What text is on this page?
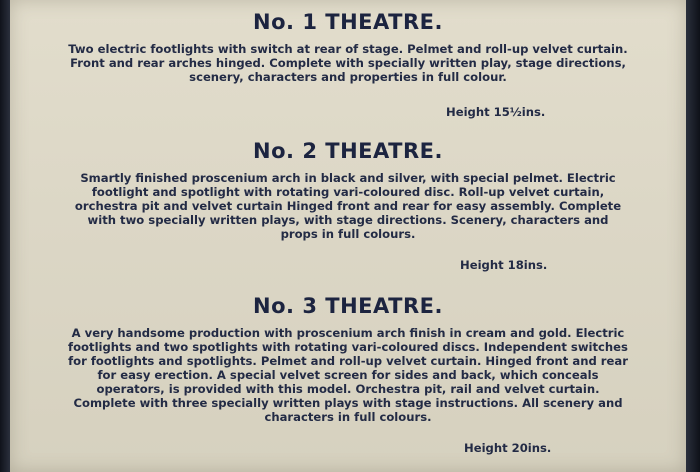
No. 1 THEATRE.

Two electric footlights with switch at rear of stage. Pelmet and roll-up velvet curtain. Front and rear arches hinged. Complete with specially written play, stage directions, scenery, characters and properties in full colour.

Height 15½ins.
No. 2 THEATRE.

Smartly finished proscenium arch in black and silver, with special pelmet. Electric footlight and spotlight with rotating vari-coloured disc. Roll-up velvet curtain, orchestra pit and velvet curtain Hinged front and rear for easy assembly. Complete with two specially written plays, with stage directions. Scenery, characters and props in full colours.

Height 18ins.
No. 3 THEATRE.

A very handsome production with proscenium arch finish in cream and gold. Electric footlights and two spotlights with rotating vari-coloured discs. Independent switches for footlights and spotlights. Pelmet and roll-up velvet curtain. Hinged front and rear for easy erection. A special velvet screen for sides and back, which conceals operators, is provided with this model. Orchestra pit, rail and velvet curtain. Complete with three specially written plays with stage instructions. All scenery and characters in full colours.

Height 20ins.
